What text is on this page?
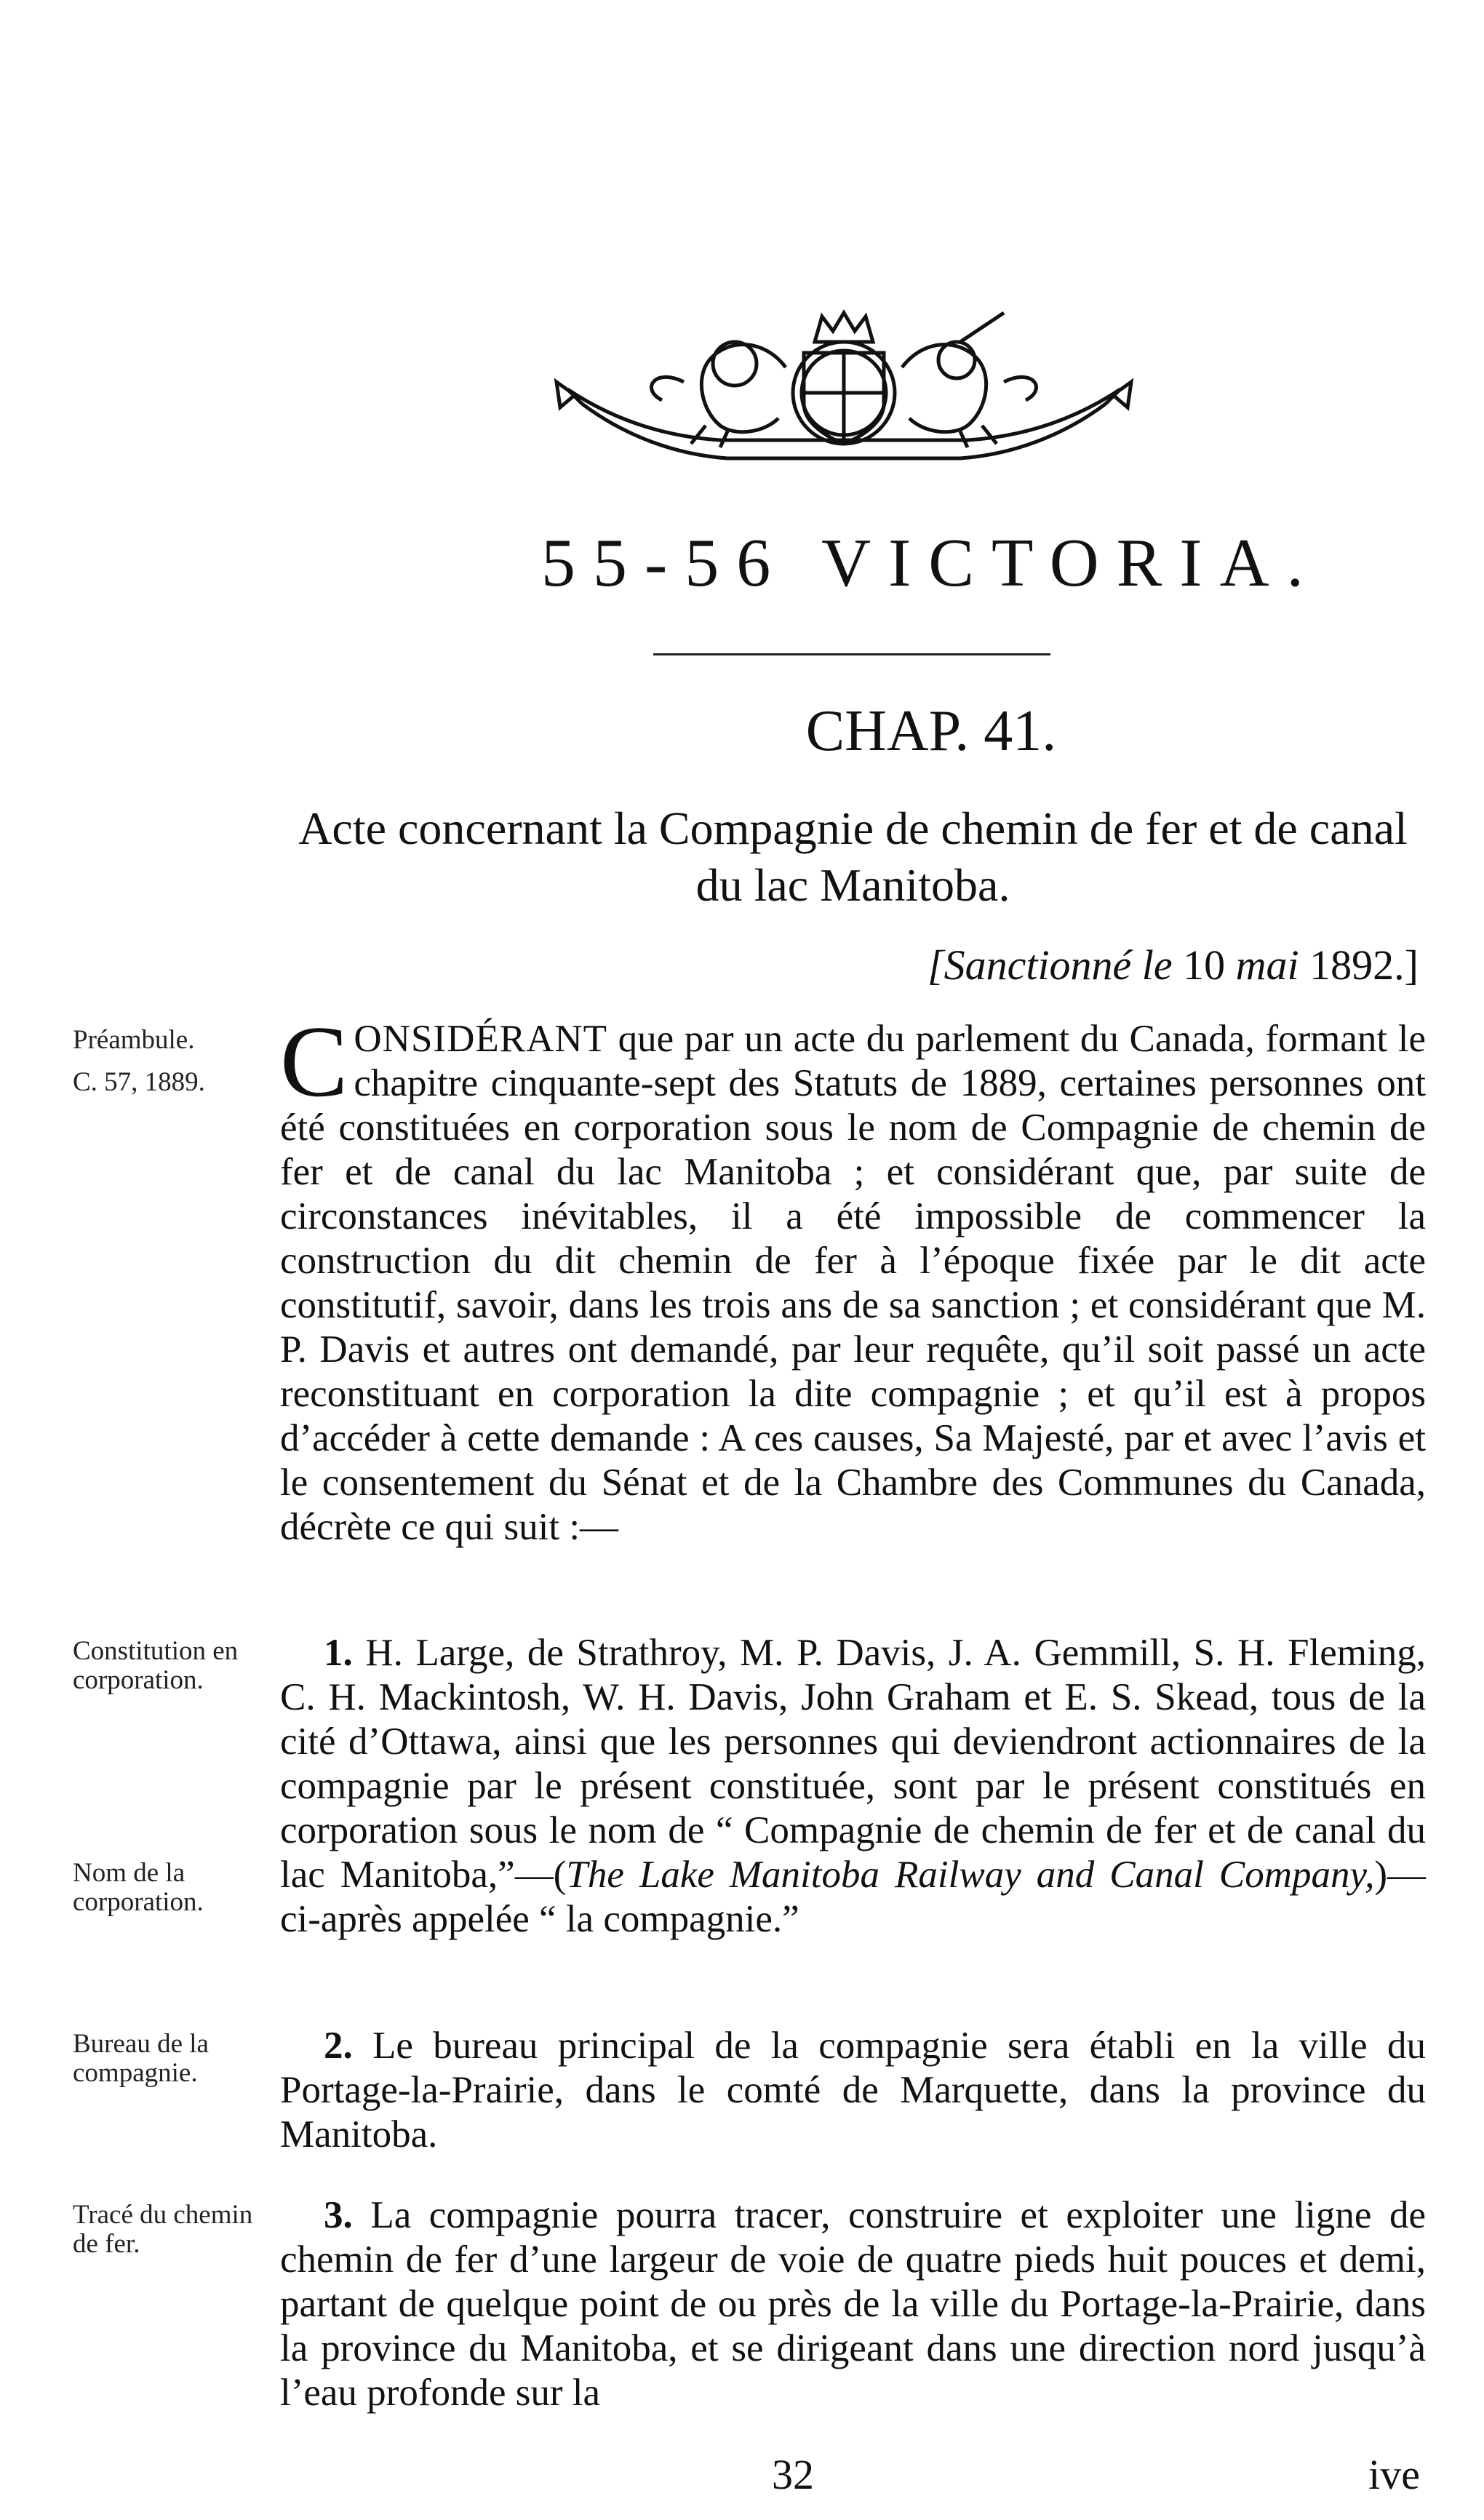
55-56 VICTORIA.
CHAP. 41.
Acte concernant la Compagnie de chemin de fer et de canal du lac Manitoba.
[Sanctionné le 10 mai 1892.]
Préambule.
C. 57, 1889.
Constitution en corporation.
Nom de la corporation.
Bureau de la compagnie.
Tracé du chemin de fer.

CONSIDÉRANT que par un acte du parlement du Canada, formant le chapitre cinquante-sept des Statuts de 1889, certaines personnes ont été constituées en corporation sous le nom de Compagnie de chemin de fer et de canal du lac Manitoba ; et considérant que, par suite de circonstances inévitables, il a été impossible de commencer la construction du dit chemin de fer à l’époque fixée par le dit acte constitutif, savoir, dans les trois ans de sa sanction ; et considérant que M. P. Davis et autres ont demandé, par leur requête, qu’il soit passé un acte reconstituant en corporation la dite compagnie ; et qu’il est à propos d’accéder à cette demande : A ces causes, Sa Majesté, par et avec l’avis et le consentement du Sénat et de la Chambre des Communes du Canada, décrète ce qui suit :—

1. H. Large, de Strathroy, M. P. Davis, J. A. Gemmill, S. H. Fleming, C. H. Mackintosh, W. H. Davis, John Graham et E. S. Skead, tous de la cité d’Ottawa, ainsi que les personnes qui deviendront actionnaires de la compagnie par le présent constituée, sont par le présent constitués en corporation sous le nom de “ Compagnie de chemin de fer et de canal du lac Manitoba,”—(The Lake Manitoba Railway and Canal Company,)—ci-après appelée “ la compagnie.”

2. Le bureau principal de la compagnie sera établi en la ville du Portage-la-Prairie, dans le comté de Marquette, dans la province du Manitoba.

3. La compagnie pourra tracer, construire et exploiter une ligne de chemin de fer d’une largeur de voie de quatre pieds huit pouces et demi, partant de quelque point de ou près de la ville du Portage-la-Prairie, dans la province du Manitoba, et se dirigeant dans une direction nord jusqu’à l’eau profonde sur la

32	ive
